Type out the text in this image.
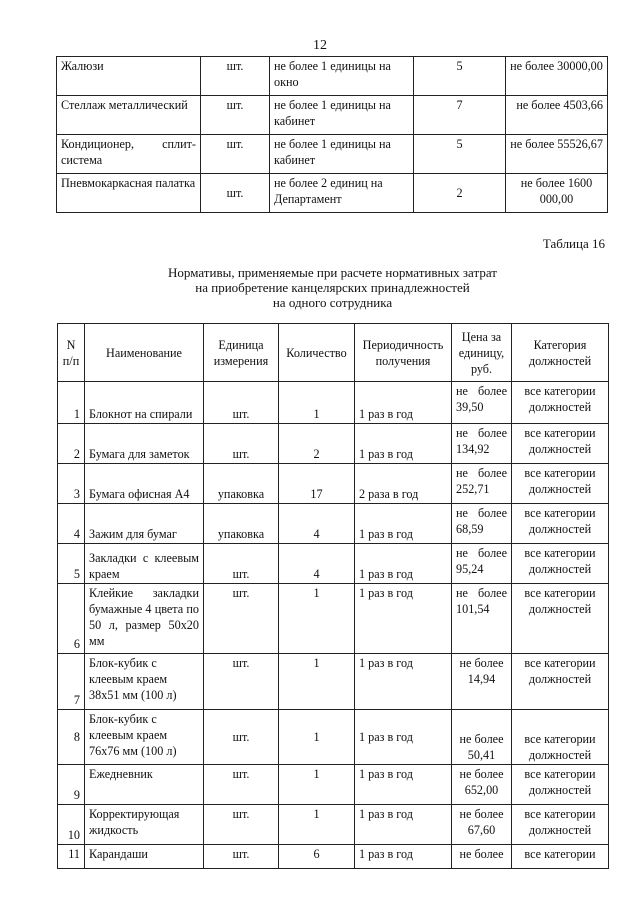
12
Жалюзи	шт.	не более 1 единицы на окно	5	не более 30000,00
Стеллаж металлический	шт.	не более 1 единицы на кабинет	7	не более 4503,66
Кондиционер, сплит-система	шт.	не более 1 единицы на кабинет	5	не более 55526,67
Пневмокаркасная палатка	шт.	не более 2 единиц на Департамент	2	не более 1600 000,00
Таблица 16
Нормативы, применяемые при расчете нормативных затрат
на приобретение канцелярских принадлежностей
на одного сотрудника
N п/п	Наименование	Единица измерения	Количество	Периодичность получения	Цена за единицу, руб.	Категория должностей
1	Блокнот на спирали	шт.	1	1 раз в год	не более 39,50	все категории должностей
2	Бумага для заметок	шт.	2	1 раз в год	не более 134,92	все категории должностей
3	Бумага офисная А4	упаковка	17	2 раза в год	не более 252,71	все категории должностей
4	Зажим для бумаг	упаковка	4	1 раз в год	не более 68,59	все категории должностей
5	Закладки с клеевым краем	шт.	4	1 раз в год	не более 95,24	все категории должностей
6	Клейкие закладки бумажные 4 цвета по 50 л, размер 50x20 мм	шт.	1	1 раз в год	не более 101,54	все категории должностей
7	Блок-кубик с клеевым краем 38x51 мм (100 л)	шт.	1	1 раз в год	не более 14,94	все категории должностей
8	Блок-кубик с клеевым краем 76x76 мм (100 л)	шт.	1	1 раз в год	не более 50,41	все категории должностей
9	Ежедневник	шт.	1	1 раз в год	не более 652,00	все категории должностей
10	Корректирующая жидкость	шт.	1	1 раз в год	не более 67,60	все категории должностей
11	Карандаши	шт.	6	1 раз в год	не более	все категории
